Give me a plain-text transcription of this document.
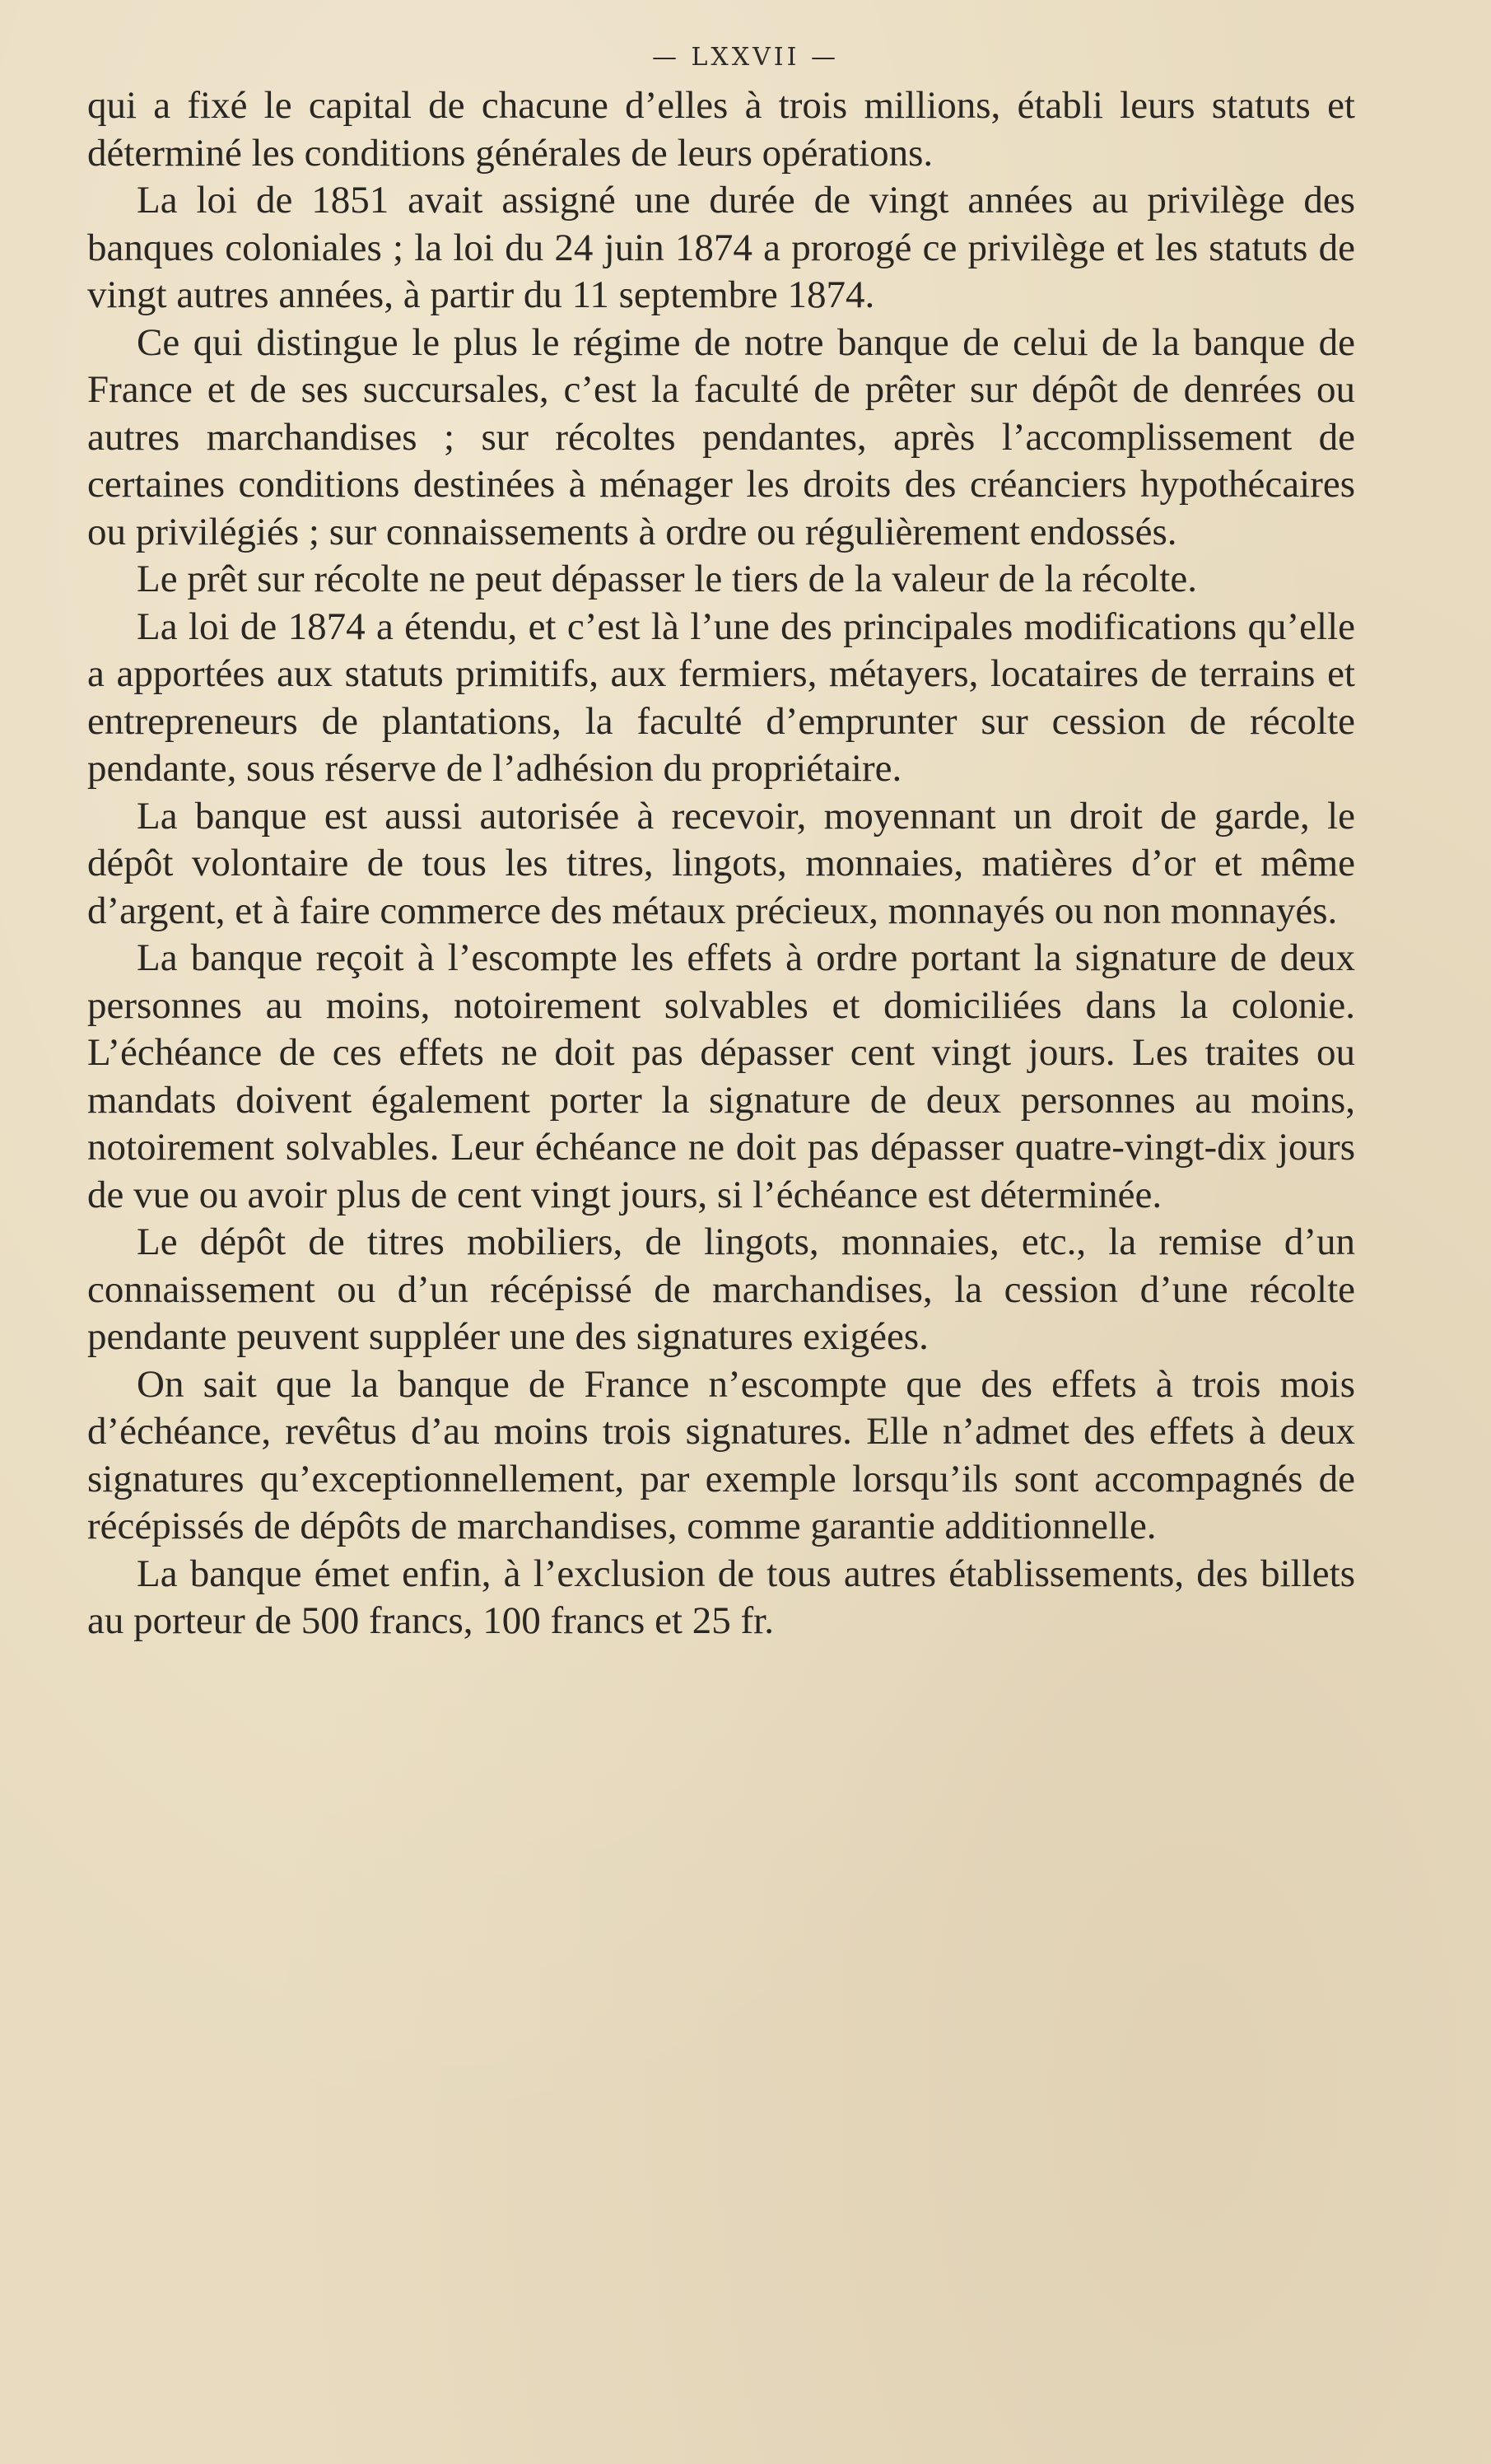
— LXXVII —

qui a fixé le capital de chacune d’elles à trois millions, établi leurs statuts et déterminé les conditions générales de leurs opérations.

La loi de 1851 avait assigné une durée de vingt années au privilège des banques coloniales ; la loi du 24 juin 1874 a prorogé ce privilège et les statuts de vingt autres années, à partir du 11 septembre 1874.

Ce qui distingue le plus le régime de notre banque de celui de la banque de France et de ses succursales, c’est la faculté de prêter sur dépôt de denrées ou autres marchandises ; sur récoltes pendantes, après l’accomplissement de certaines conditions destinées à ménager les droits des créanciers hypothécaires ou privilégiés ; sur connaissements à ordre ou régulièrement endossés.

Le prêt sur récolte ne peut dépasser le tiers de la valeur de la récolte.

La loi de 1874 a étendu, et c’est là l’une des principales modifications qu’elle a apportées aux statuts primitifs, aux fermiers, métayers, locataires de terrains et entrepreneurs de plantations, la faculté d’emprunter sur cession de récolte pendante, sous réserve de l’adhésion du propriétaire.

La banque est aussi autorisée à recevoir, moyennant un droit de garde, le dépôt volontaire de tous les titres, lingots, monnaies, matières d’or et même d’argent, et à faire commerce des métaux précieux, monnayés ou non monnayés.

La banque reçoit à l’escompte les effets à ordre portant la signature de deux personnes au moins, notoirement solvables et domiciliées dans la colonie. L’échéance de ces effets ne doit pas dépasser cent vingt jours. Les traites ou mandats doivent également porter la signature de deux personnes au moins, notoirement solvables. Leur échéance ne doit pas dépasser quatre-vingt-dix jours de vue ou avoir plus de cent vingt jours, si l’échéance est déterminée.

Le dépôt de titres mobiliers, de lingots, monnaies, etc., la remise d’un connaissement ou d’un récépissé de marchandises, la cession d’une récolte pendante peuvent suppléer une des signatures exigées.

On sait que la banque de France n’escompte que des effets à trois mois d’échéance, revêtus d’au moins trois signatures. Elle n’admet des effets à deux signatures qu’exceptionnellement, par exemple lorsqu’ils sont accompagnés de récépissés de dépôts de marchandises, comme garantie additionnelle.

La banque émet enfin, à l’exclusion de tous autres établissements, des billets au porteur de 500 francs, 100 francs et 25 fr.
